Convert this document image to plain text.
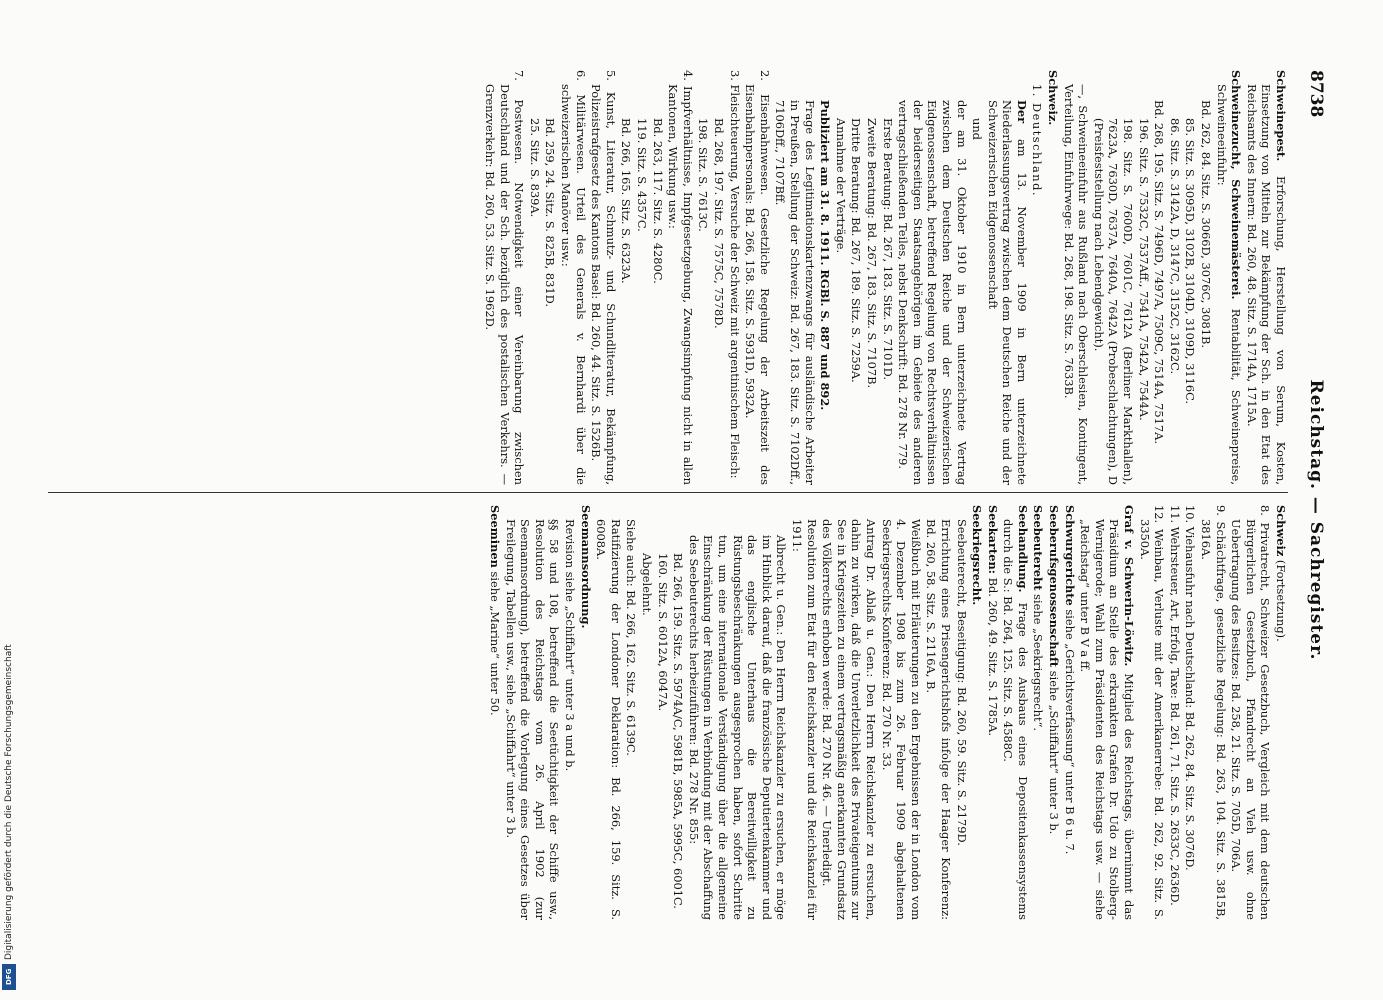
8738
Reichstag. — Sachregister.

Schweinepest. Erforschung, Herstellung von Serum, Kosten, Einsetzung von Mitteln zur Bekämpfung der Sch. in den Etat des Reichsamts des Innern: Bd. 260, 48. Sitz. S. 1714A, 1715A.

Schweinezucht, Schweinemästerei. Rentabilität, Schweinepreise, Schweineeinfuhr:

Bd. 262, 84. Sitz. S. 3066D, 3076C, 3081B.

85. Sitz. S. 3095D, 3102B, 3104D, 3109D, 3116C.

86. Sitz. S. 3142A, D, 3147C, 3152C, 3162C.

Bd. 268, 195. Sitz. S. 7496D, 7497A, 7509C, 7514A, 7517A.

196. Sitz. S. 7532C, 7537Aff., 7541A, 7542A, 7544A.

198. Sitz. S. 7600D, 7601C, 7612A (Berliner Markthallen), 7623A, 7630D, 7637A, 7640A, 7642A (Probeschlachtungen), D (Preisfeststellung nach Lebendgewicht).

—, Schweineeinfuhr aus Rußland nach Oberschlesien, Kontingent, Verteilung, Einfuhrwege: Bd. 268, 198. Sitz. S. 7633B.

Schweiz.

1. Deutschland.

Der am 13. November 1909 in Bern unterzeichnete Niederlassungsvertrag zwischen dem Deutschen Reiche und der Schweizerischen Eidgenossenschaft

und

der am 31. Oktober 1910 in Bern unterzeichnete Vertrag zwischen dem Deutschen Reiche und der Schweizerischen Eidgenossenschaft, betreffend Regelung von Rechtsverhältnissen der beiderseitigen Staatsangehörigen im Gebiete des anderen vertragschließenden Teiles, nebst Denkschrift: Bd. 278 Nr. 779.

Erste Beratung: Bd. 267, 183. Sitz. S. 7101D.

Zweite Beratung: Bd. 267, 183. Sitz. S. 7107B.

Dritte Beratung: Bd. 267, 189. Sitz. S. 7259A.

Annahme der Verträge.

Publiziert am 31. 8. 1911. RGBl. S. 887 und 892.

Frage des Legitimationskartenzwangs für ausländische Arbeiter in Preußen, Stellung der Schweiz: Bd. 267, 183. Sitz. S. 7102Dff., 7106Dff., 7107Bff.

2. Eisenbahnwesen. Gesetzliche Regelung der Arbeitszeit des Eisenbahnpersonals: Bd. 266, 158. Sitz. S. 5931D, 5932A.

3. Fleischteuerung, Versuche der Schweiz mit argentinischem Fleisch:

Bd. 268, 197. Sitz. S. 7575C, 7578D.

198. Sitz. S. 7613C.

4. Impfverhältnisse, Impfgesetzgebung, Zwangsimpfung nicht in allen Kantonen, Wirkung usw.:

Bd. 263, 117. Sitz. S. 4280C.

119. Sitz. S. 4357C.

Bd. 266, 165. Sitz. S. 6323A.

5. Kunst, Literatur, Schmutz- und Schundliteratur, Bekämpfung, Polizeistrafgesetz des Kantons Basel: Bd. 260, 44. Sitz. S. 1526B.

6. Militärwesen. Urteil des Generals v. Bernhardi über die schweizerischen Manöver usw.:

Bd. 259, 24. Sitz. S. 825B, 831D.

25. Sitz. S. 839A.

7. Postwesen. Notwendigkeit einer Vereinbarung zwischen Deutschland und der Sch. bezüglich des postalischen Verkehrs. — Grenzverkehr: Bd. 260, 53. Sitz. S. 1962D.

Schweiz (Fortsetzung).

8. Privatrecht, Schweizer Gesetzbuch, Vergleich mit dem deutschen Bürgerlichen Gesetzbuch, Pfandrecht an Vieh usw. ohne Uebertragung des Besitzes: Bd. 258, 21. Sitz. S. 705D, 706A.

9. Schächtfrage, gesetzliche Regelung: Bd. 263, 104. Sitz. S. 3815B, 3816A.

10. Viehausfuhr nach Deutschland: Bd. 262, 84. Sitz. S. 3076D.

11. Wehrsteuer, Art, Erfolg, Taxe: Bd. 261, 71. Sitz. S. 2633C, 2636D.

12. Weinbau, Verluste mit der Amerikanerrebe: Bd. 262, 92. Sitz. S. 3350A.

Graf v. Schwerin-Löwitz. Mitglied des Reichstags, übernimmt das Präsidium an Stelle des erkrankten Grafen Dr. Udo zu Stolberg-Wernigerode; Wahl zum Präsidenten des Reichstags usw. — siehe „Reichstag“ unter B V a ff.

Schwurgerichte siehe „Gerichtsverfassung“ unter B 6 u. 7.

Seeberufsgenossenschaft siehe „Schiffahrt“ unter 3 b.

Seebeutereht siehe „Seekriegsrecht“.

Seehandlung. Frage des Ausbaus eines Depositenkassensystems durch die S.: Bd. 264, 125. Sitz. S. 4588C.

Seekarten: Bd. 260, 49. Sitz. S. 1785A.

Seekriegsrecht.

Seebeuterecht, Beseitigung: Bd. 260, 59. Sitz. S. 2179D.

Errichtung eines Prisengerichtshofs infolge der Haager Konferenz: Bd. 260, 58. Sitz. S. 2116A, B.

Weißbuch mit Erläuterungen zu den Ergebnissen der in London vom 4. Dezember 1908 bis zum 26. Februar 1909 abgehaltenen Seekriegsrechts-Konferenz: Bd. 270 Nr. 33.

Antrag Dr. Ablaß u. Gen.: Den Herrn Reichskanzler zu ersuchen, dahin zu wirken, daß die Unverletzlichkeit des Privateigentums zur See in Kriegszeiten zu einem vertragsmäßig anerkannten Grundsatz des Völkerrechts erhoben werde: Bd. 270 Nr. 46. — Unerledigt.

Resolution zum Etat für den Reichskanzler und die Reichskanzlei für 1911:

Albrecht u. Gen.: Den Herrn Reichskanzler zu ersuchen, er möge im Hinblick darauf, daß die französische Deputiertenkammer und das englische Unterhaus die Bereitwilligkeit zu Rüstungsbeschränkungen ausgesprochen haben, sofort Schritte tun, um eine internationale Verständigung über die allgemeine Einschränkung der Rüstungen in Verbindung mit der Abschaffung des Seebeuterechts herbeizuführen: Bd. 278 Nr. 855:

Bd. 266, 159. Sitz. S. 5974A/C, 5981B, 5985A, 5995C, 6001C.

160. Sitz. S. 6012A, 6047A.

Abgelehnt.

Siehe auch: Bd. 266, 162. Sitz. S. 6139C.

Ratifizierung der Londoner Deklaration: Bd. 266, 159. Sitz. S. 6008A.

Seemannsordnung.

Revision siehe „Schiffahrt“ unter 3 a und b.

§§ 58 und 108, betreffend die Seetüchtigkeit der Schiffe usw., Resolution des Reichstags vom 26. April 1902 (zur Seemannsordnung), betreffend die Vorlegung eines Gesetzes über Freilegung, Tabellen usw., siehe „Schiffahrt“ unter 3 b.

Seeminen siehe „Marine“ unter 50.

Digitalisierung gefördert durch die Deutsche Forschungsgemeinschaft
DFG
